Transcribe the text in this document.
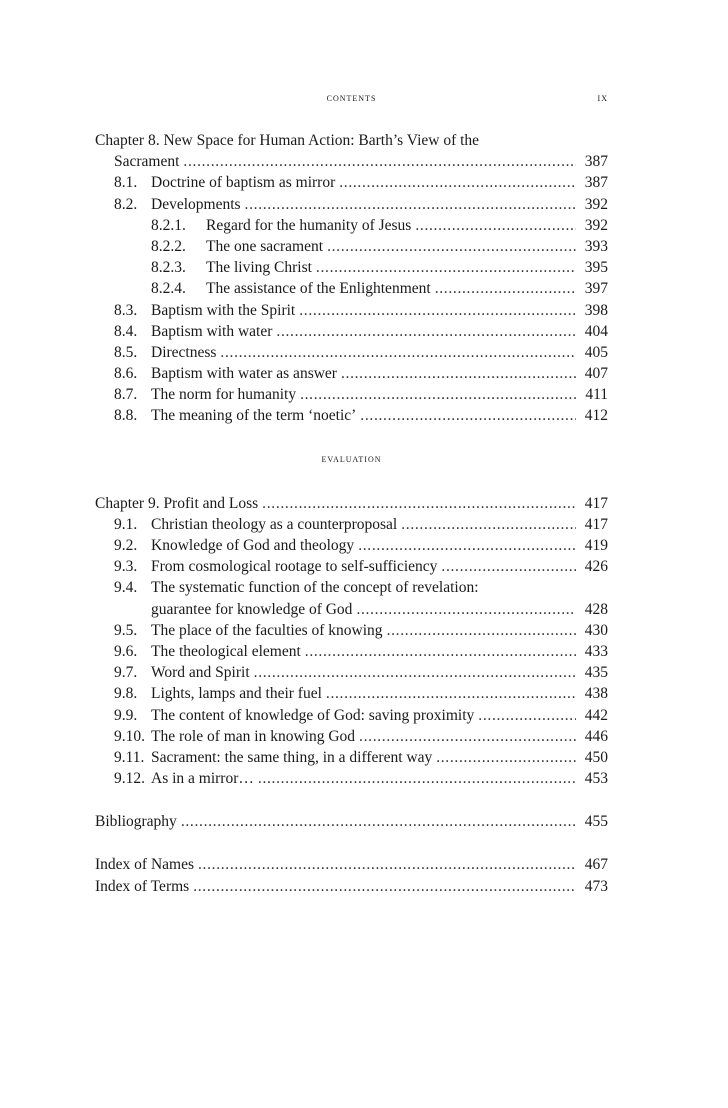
contents	ix
Chapter 8. New Space for Human Action: Barth’s View of the
Sacrament . . .	387
8.1. Doctrine of baptism as mirror . . .	387
8.2. Developments . . .	392
8.2.1. Regard for the humanity of Jesus . . .	392
8.2.2. The one sacrament . . .	393
8.2.3. The living Christ . . .	395
8.2.4. The assistance of the Enlightenment . . .	397
8.3. Baptism with the Spirit . . .	398
8.4. Baptism with water . . .	404
8.5. Directness . . .	405
8.6. Baptism with water as answer . . .	407
8.7. The norm for humanity . . .	411
8.8. The meaning of the term ‘noetic’ . . .	412
evaluation
Chapter 9. Profit and Loss . . .	417
9.1. Christian theology as a counterproposal . . .	417
9.2. Knowledge of God and theology . . .	419
9.3. From cosmological rootage to self-sufficiency . . .	426
9.4. The systematic function of the concept of revelation:
guarantee for knowledge of God . . .	428
9.5. The place of the faculties of knowing . . .	430
9.6. The theological element . . .	433
9.7. Word and Spirit . . .	435
9.8. Lights, lamps and their fuel . . .	438
9.9. The content of knowledge of God: saving proximity . . .	442
9.10. The role of man in knowing God . . .	446
9.11. Sacrament: the same thing, in a different way . . .	450
9.12. As in a mirror… . . .	453
Bibliography . . .	455
Index of Names . . .	467
Index of Terms . . .	473
